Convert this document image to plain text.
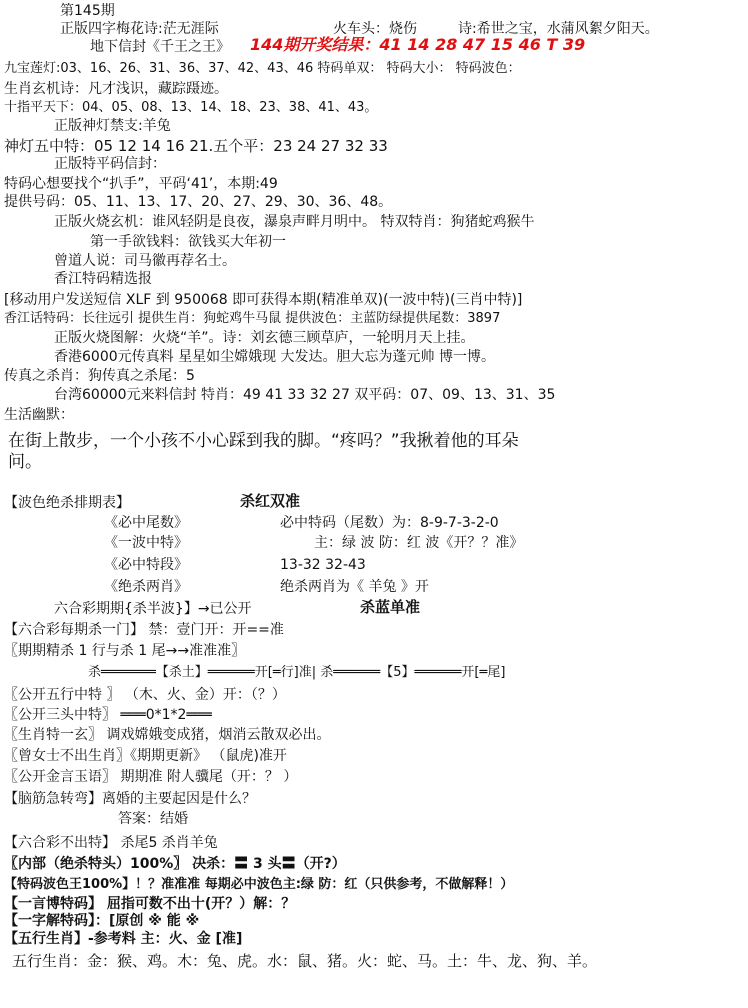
第145期
正版四字梅花诗:茫无涯际	火车头：烧伤	诗:希世之宝，水蒲风絮夕阳天。
地下信封《千王之王》 144期开奖结果：41 14 28 47 15 46 T 39
九宝莲灯:03、16、26、31、36、37、42、43、46 特码单双： 特码大小： 特码波色：
生肖玄机诗：凡才浅识，藏踪蹑迹。
十指平天下：04、05、08、13、14、18、23、38、41、43。
正版神灯禁支:羊兔
神灯五中特：05 12 14 16 21.五个平：23 24 27 32 33
正版特平码信封：
特码心想要找个“扒手”，平码‘41’，本期:49
提供号码：05、11、13、17、20、27、29、30、36、48。
正版火烧玄机：谁风轻阴是良夜，瀑泉声畔月明中。 特双特肖：狗猪蛇鸡猴牛
第一手欲钱料：欲钱买大年初一
曾道人说：司马徽再荐名士。
香江特码精选报
[移动用户发送短信 XLF 到 950068 即可获得本期(精准单双)(一波中特)(三肖中特)]
香江话特码：长往远引 提供生肖：狗蛇鸡牛马鼠 提供波色：主蓝防绿提供尾数：3897
正版火烧图解：火烧“羊”。诗：刘玄德三顾草庐，一轮明月天上挂。
香港6000元传真料 星星如尘嫦娥现 大发达。胆大忘为蓬元帅 博一博。
传真之杀肖：狗传真之杀尾：5
台湾60000元来料信封 特肖：49 41 33 32 27 双平码：07、09、13、31、35
生活幽默：
在街上散步，一个小孩不小心踩到我的脚。“疼吗？”我揪着他的耳朵
问。
【波色绝杀排期表】	杀红双准
《必中尾数》	必中特码（尾数）为：8-9-7-3-2-0
《一波中特》	主：绿 波 防：红 波《开？？准》
《必中特段》	13-32 32-43
《绝杀两肖》	绝杀两肖为《 羊兔 》开
六合彩期期{杀半波}】→已公开	杀蓝单准
【六合彩每期杀一门】 禁：壹门开：开==准
〖期期精杀 1 行与杀 1 尾→→准准准〗
杀═══════【杀土】══════开[═行]准| 杀══════【5】══════开[═尾]
〖公开五行中特 〗 （木、火、金）开：（？）
〖公开三头中特〗 ═══0*1*2═══
〖生肖特一玄〗 调戏嫦娥变成猪，烟消云散双必出。
〖曾女士不出生肖〗《期期更新》 （鼠虎)准开
〖公开金言玉语〗 期期准 附人骥尾（开：？ ）
【脑筋急转弯】离婚的主要起因是什么？
答案：结婚
【六合彩不出特】 杀尾5 杀肖羊兔
〖内部（绝杀特头）100%〗 决杀：〓 3 头〓（开?）
【特码波色王100%】！？准准准 每期必中波色主:绿 防：红（只供参考，不做解释！）
【一言博特码】 屈指可数不出十(开？）解：？
【一字解特码】：[原创 ※ 能 ※
【五行生肖】-参考料 主：火、金 [准]
五行生肖：金：猴、鸡。木：兔、虎。水：鼠、猪。火：蛇、马。土：牛、龙、狗、羊。
